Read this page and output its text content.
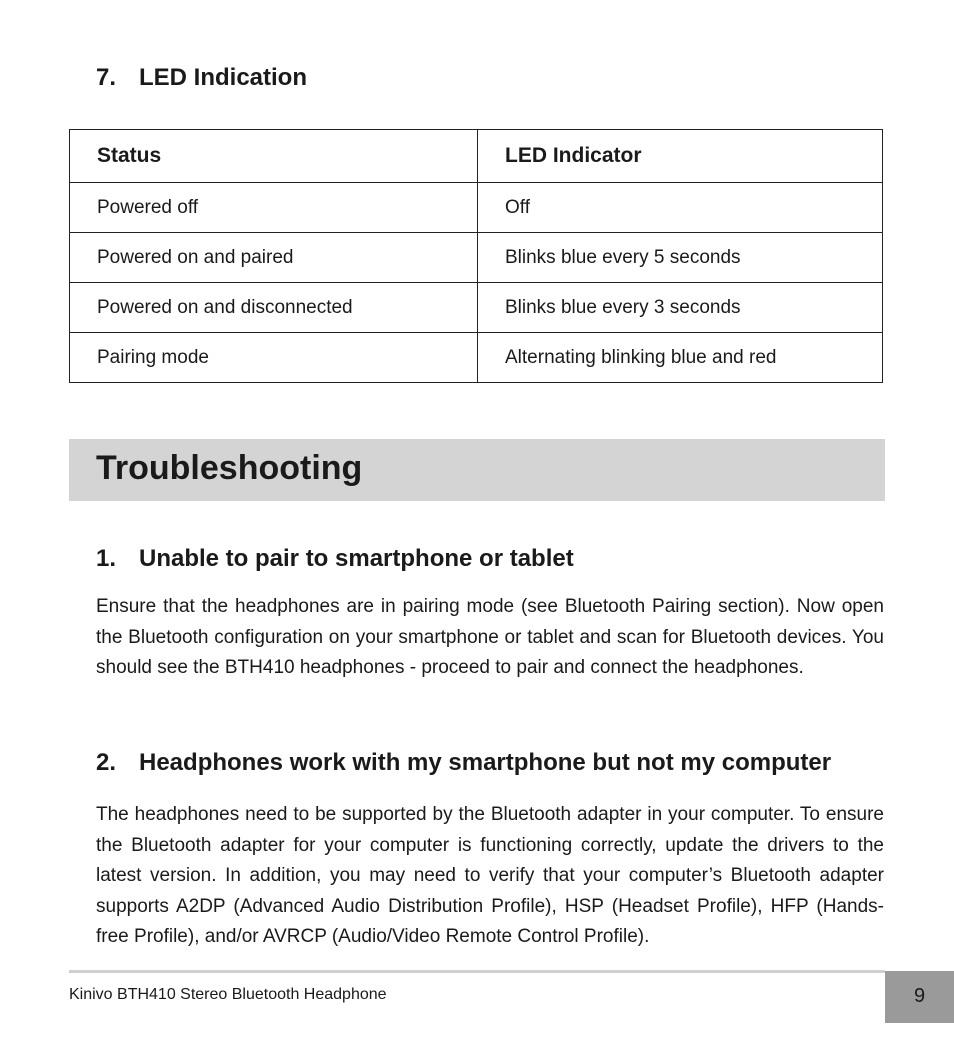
7. LED Indication
Status	LED Indicator
Powered off	Off
Powered on and paired	Blinks blue every 5 seconds
Powered on and disconnected	Blinks blue every 3 seconds
Pairing mode	Alternating blinking blue and red
Troubleshooting
1. Unable to pair to smartphone or tablet

Ensure that the headphones are in pairing mode (see Bluetooth Pairing section). Now open the Bluetooth configuration on your smartphone or tablet and scan for Bluetooth devices. You should see the BTH410 headphones - proceed to pair and connect the headphones.

2. Headphones work with my smartphone but not my computer

The headphones need to be supported by the Bluetooth adapter in your computer. To ensure the Bluetooth adapter for your computer is functioning correctly, update the drivers to the latest version. In addition, you may need to verify that your computer’s Bluetooth adapter supports A2DP (Advanced Audio Distribution Profile), HSP (Headset Profile), HFP (Hands-free Profile), and/or AVRCP (Audio/Video Remote Control Profile).

Kinivo BTH410 Stereo Bluetooth Headphone	9
